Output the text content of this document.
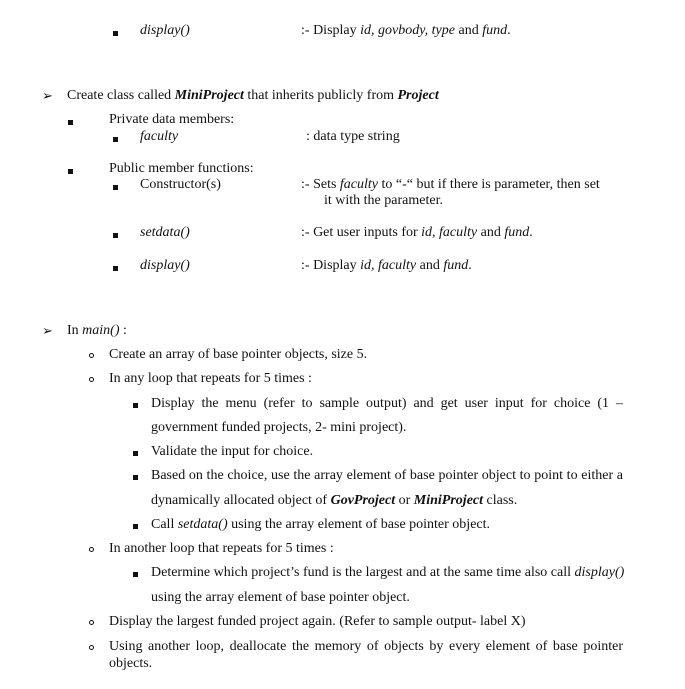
display()	:- Display id, govbody, type and fund.
➢ Create class called MiniProject that inherits publicly from Project
Private data members:
faculty	: data type string
Public member functions:
Constructor(s)	:- Sets faculty to “-“ but if there is parameter, then set
it with the parameter.
setdata()	:- Get user inputs for id, faculty and fund.
display()	:- Display id, faculty and fund.
➢ In main() :
Create an array of base pointer objects, size 5.
In any loop that repeats for 5 times :
Display the menu (refer to sample output) and get user input for choice (1 –
government funded projects, 2- mini project).
Validate the input for choice.
Based on the choice, use the array element of base pointer object to point to either a
dynamically allocated object of GovProject or MiniProject class.
Call setdata() using the array element of base pointer object.
In another loop that repeats for 5 times :
Determine which project’s fund is the largest and at the same time also call display()
using the array element of base pointer object.
Display the largest funded project again. (Refer to sample output- label X)
Using another loop, deallocate the memory of objects by every element of base pointer
objects.
